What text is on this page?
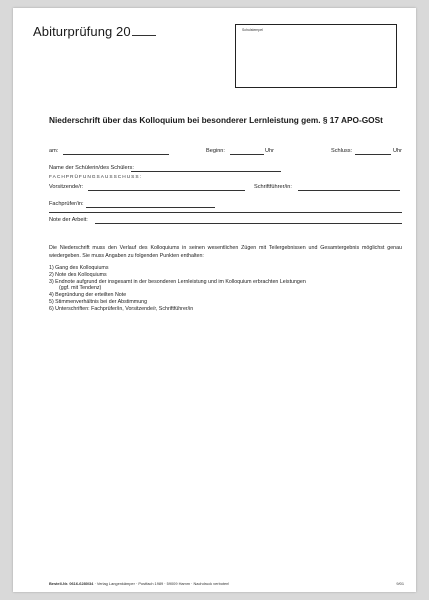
Abiturprüfung 20	Schulstempel
Niederschrift über das Kolloquium bei besonderer Lernleistung gem. § 17 APO-GOSt
am:	Beginn:	Uhr	Schluss:	Uhr
Name der Schülerin/des Schülers:
FACHPRÜFUNGSAUSSCHUSS:
Vorsitzende/r:	Schriftführer/in:
Fachprüfer/in:
Note der Arbeit:
Die Niederschrift muss den Verlauf des Kolloquiums in seinen wesentlichen Zügen mit Teilergebnissen und Gesamtergebnis möglichst genau wiedergeben. Sie muss Angaben zu folgenden Punkten enthalten:
1) Gang des Kolloquiums
2) Note des Kolloquiums
3) Endnote aufgrund der insgesamt in der besonderen Lernleistung und im Kolloquium erbrachten Leistungen
(ggf. mit Tendenz)
4) Begründung der erteilten Note
5) Stimmenverhältnis bei der Abstimmung
6) Unterschriften: Fachprüfer/in, Vorsitzende/r, Schriftführer/in
Bestell-Nr. 0616-6280/34 · Verlag Langenkämper · Postfach 1989 · 59009 Hamm · Nachdruck verboten!	9/01
